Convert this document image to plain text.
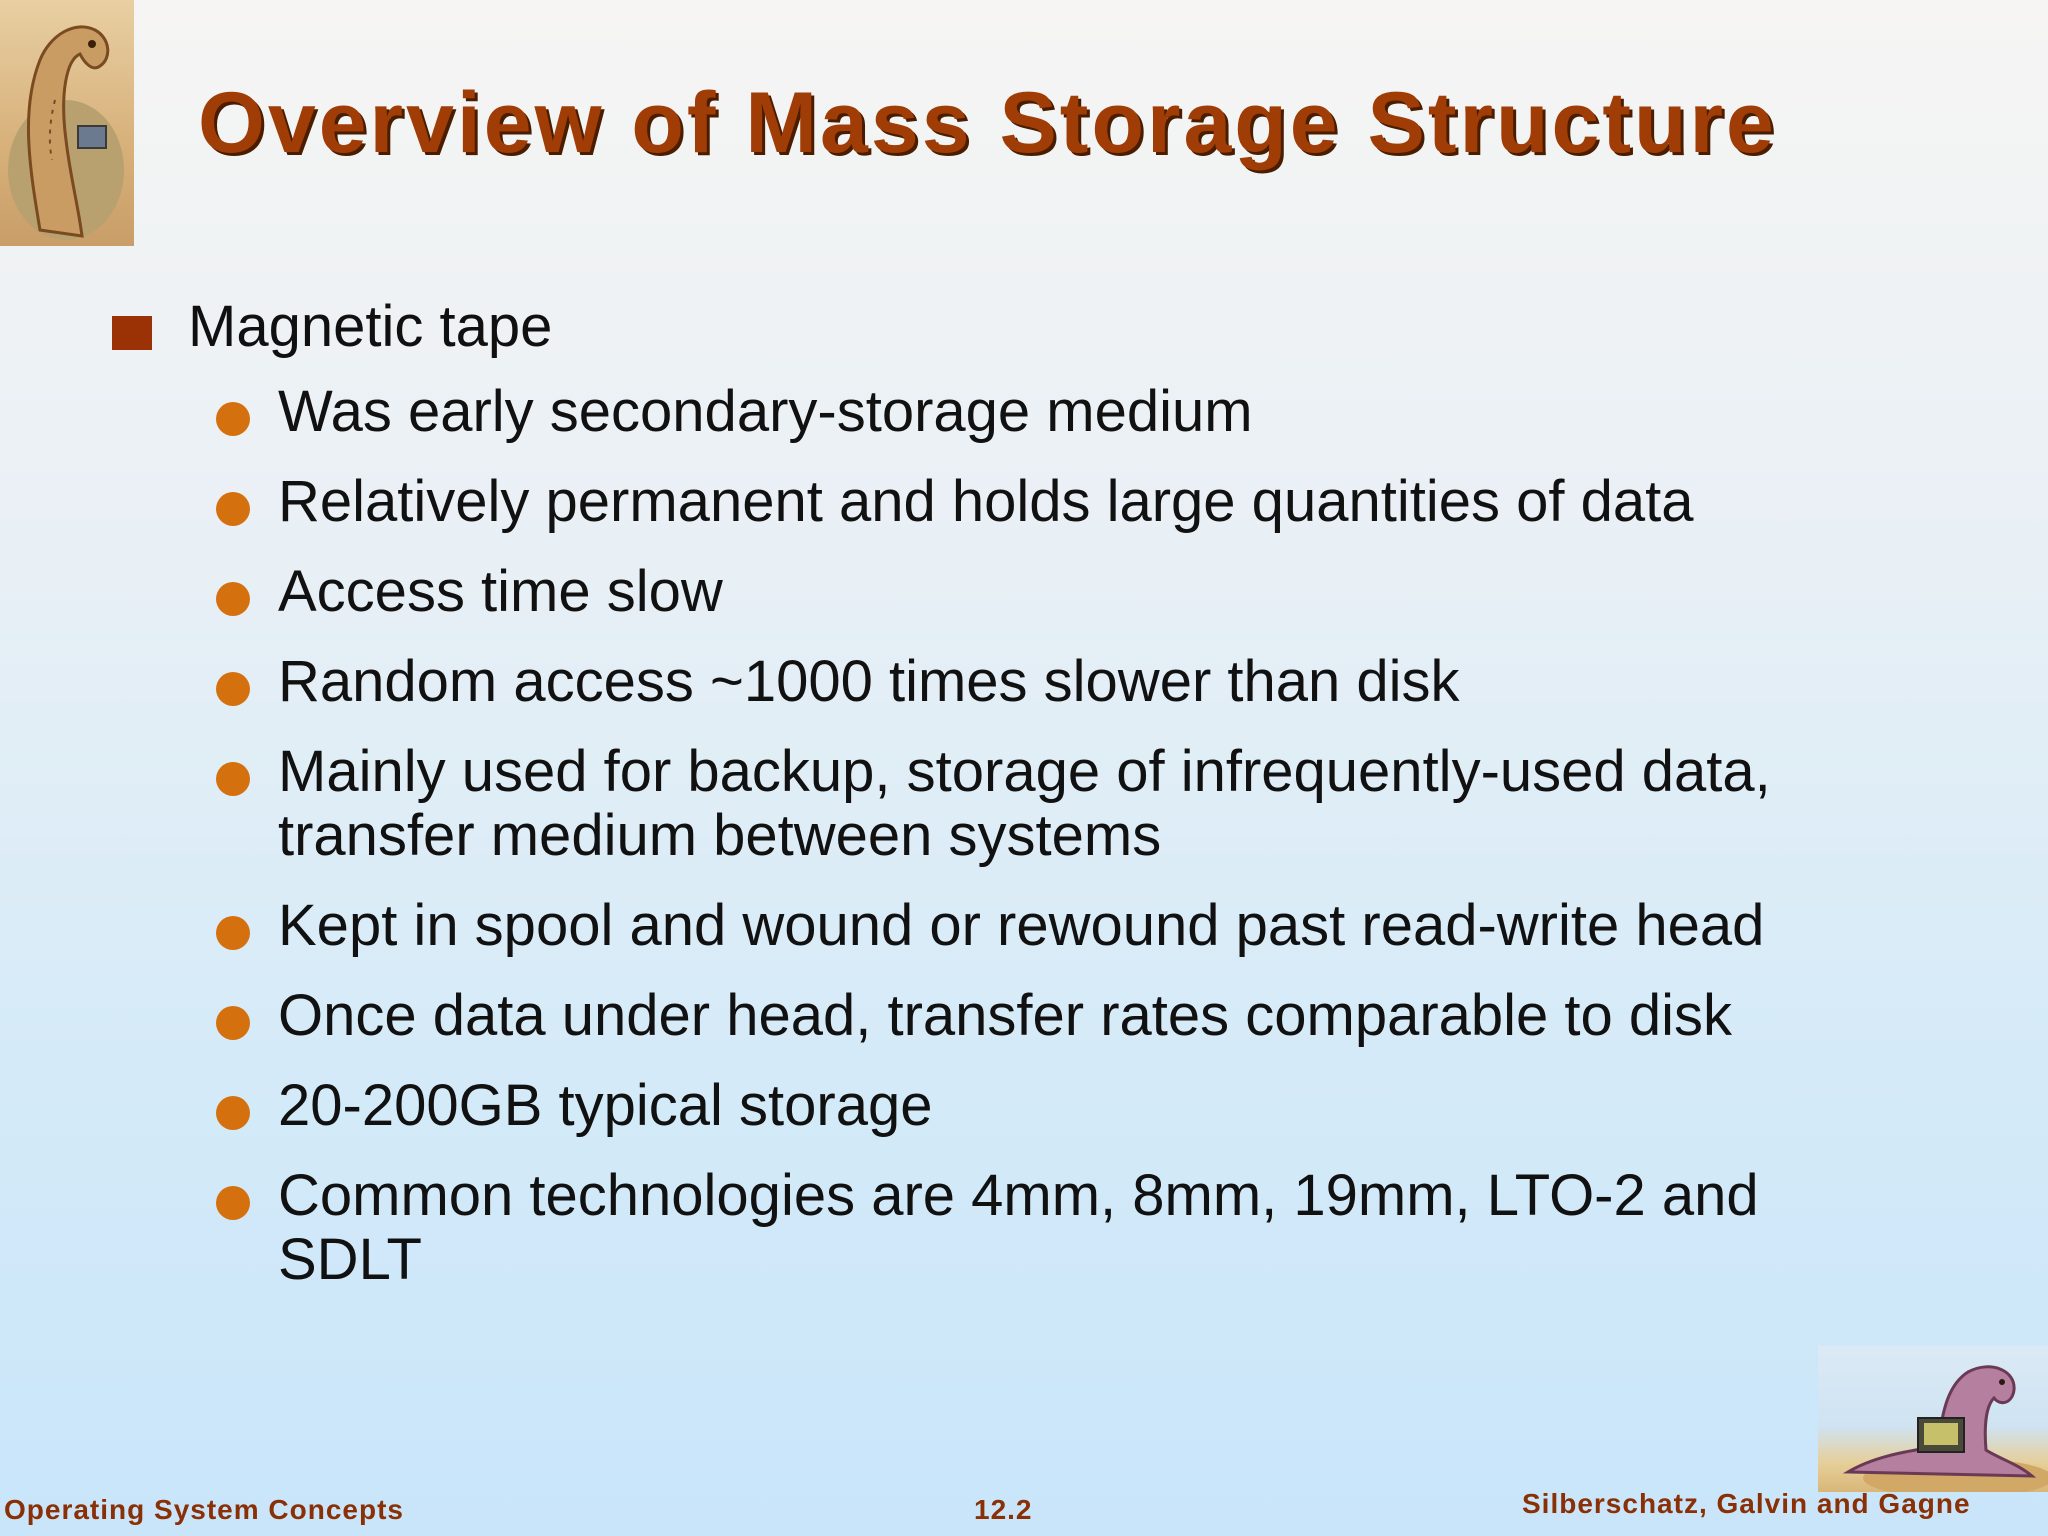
Overview of Mass Storage Structure
Magnetic tape
Was early secondary-storage medium
Relatively permanent and holds large quantities of data
Access time slow
Random access ~1000 times slower than disk
Mainly used for backup, storage of infrequently-used data, transfer medium between systems
Kept in spool and wound or rewound past read-write head
Once data under head, transfer rates comparable to disk
20-200GB typical storage
Common technologies are 4mm, 8mm, 19mm, LTO-2 and SDLT
Operating System Concepts	12.2	Silberschatz, Galvin and Gagne
